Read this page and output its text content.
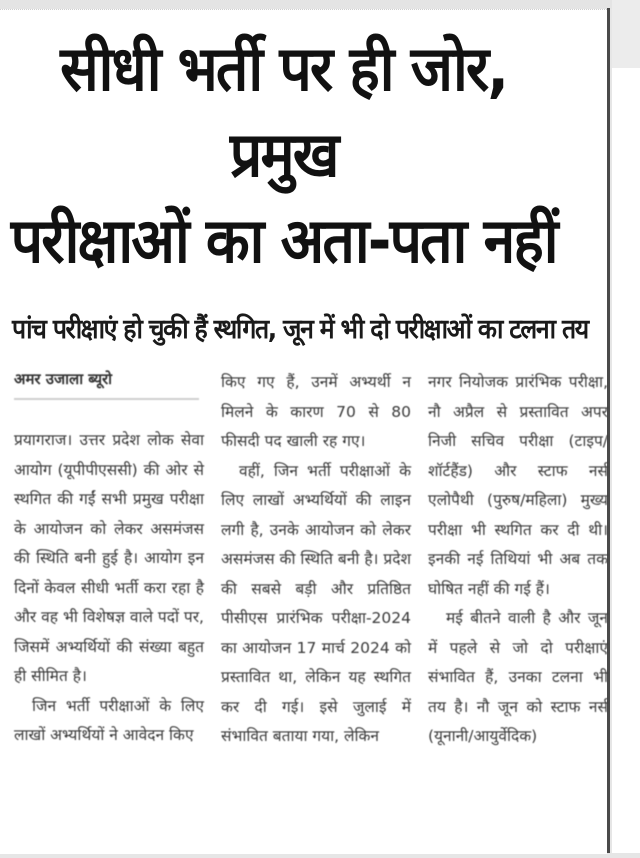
सीधी भर्ती पर ही जोर, प्रमुख
परीक्षाओं का अता-पता नहीं
पांच परीक्षाएं हो चुकी हैं स्थगित, जून में भी दो परीक्षाओं का टलना तय
अमर उजाला ब्यूरो

प्रयागराज। उत्तर प्रदेश लोक सेवा आयोग (यूपीपीएससी) की ओर से स्थगित की गईं सभी प्रमुख परीक्षा के आयोजन को लेकर असमंजस की स्थिति बनी हुई है। आयोग इन दिनों केवल सीधी भर्ती करा रहा है और वह भी विशेषज्ञ वाले पदों पर, जिसमें अभ्यर्थियों की संख्या बहुत ही सीमित है।

जिन भर्ती परीक्षाओं के लिए लाखों अभ्यर्थियों ने आवेदन किए

किए गए हैं, उनमें अभ्यर्थी न मिलने के कारण 70 से 80 फीसदी पद खाली रह गए।

वहीं, जिन भर्ती परीक्षाओं के लिए लाखों अभ्यर्थियों की लाइन लगी है, उनके आयोजन को लेकर असमंजस की स्थिति बनी है। प्रदेश की सबसे बड़ी और प्रतिष्ठित पीसीएस प्रारंभिक परीक्षा-2024 का आयोजन 17 मार्च 2024 को प्रस्तावित था, लेकिन यह स्थगित कर दी गई। इसे जुलाई में संभावित बताया गया, लेकिन

नगर नियोजक प्रारंभिक परीक्षा, नौ अप्रैल से प्रस्तावित अपर निजी सचिव परीक्षा (टाइप/शॉर्टहैंड) और स्टाफ नर्स एलोपैथी (पुरुष/महिला) मुख्य परीक्षा भी स्थगित कर दी थी। इनकी नई तिथियां भी अब तक घोषित नहीं की गई हैं।

मई बीतने वाली है और जून में पहले से जो दो परीक्षाएं संभावित हैं, उनका टलना भी तय है। नौ जून को स्टाफ नर्स (यूनानी/आयुर्वेदिक)
